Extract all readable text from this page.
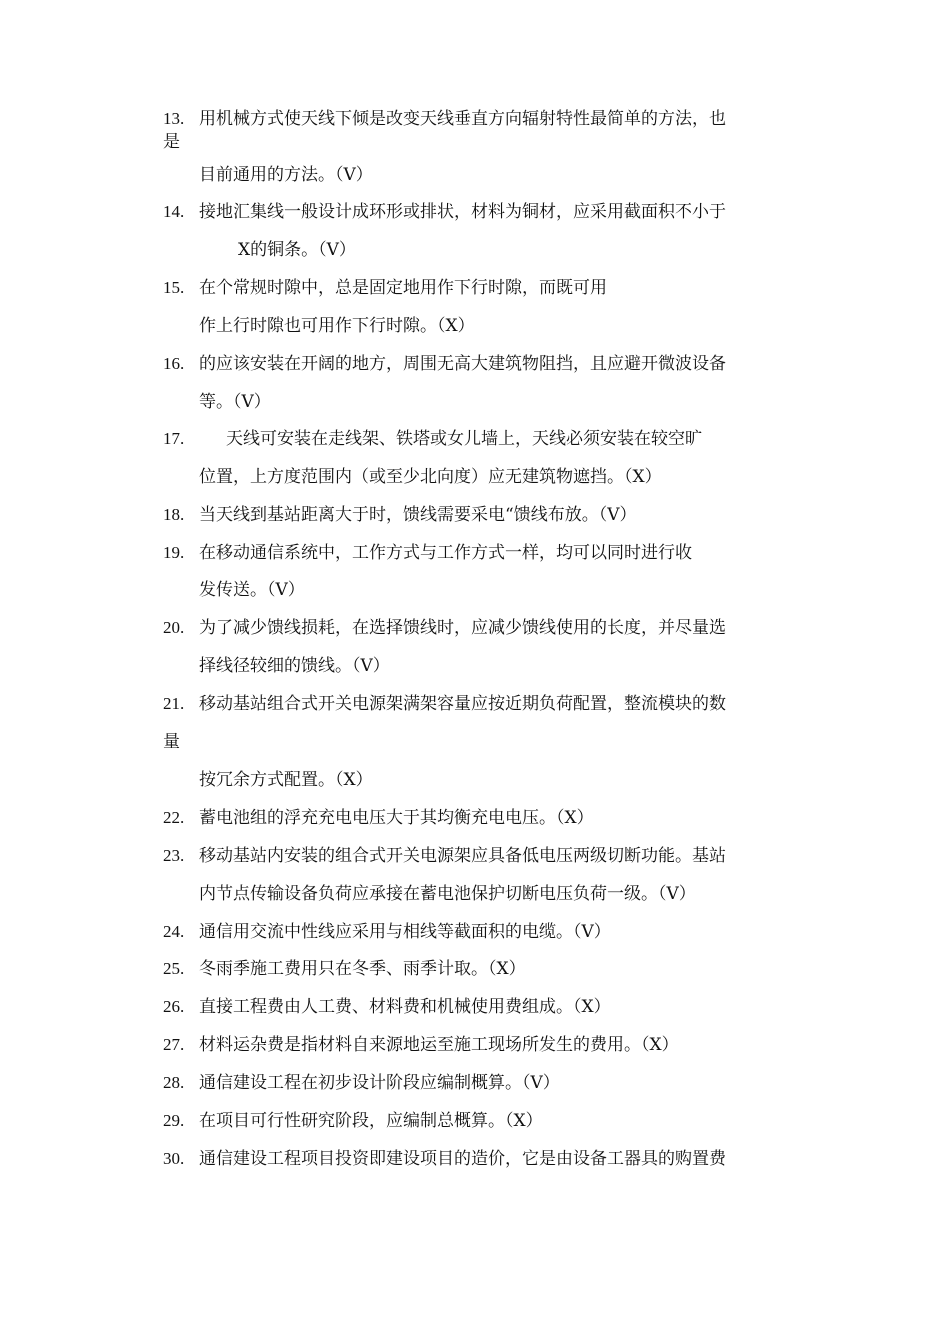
13. 用机械方式使天线下倾是改变天线垂直方向辐射特性最简单的方法，也
是
目前通用的方法。（V）
14. 接地汇集线一般设计成环形或排状，材料为铜材，应采用截面积不小于
X的铜条。（V）
15. 在个常规时隙中，总是固定地用作下行时隙，而既可用
作上行时隙也可用作下行时隙。（X）
16. 的应该安装在开阔的地方，周围无高大建筑物阻挡，且应避开微波设备
等。（V）
17. 天线可安装在走线架、铁塔或女儿墙上，天线必须安装在较空旷
位置，上方度范围内（或至少北向度）应无建筑物遮挡。（X）
18. 当天线到基站距离大于时，馈线需要采电“馈线布放。（V）
19. 在移动通信系统中，工作方式与工作方式一样，均可以同时进行收
发传送。（V）
20. 为了减少馈线损耗，在选择馈线时，应减少馈线使用的长度，并尽量选
择线径较细的馈线。（V）
21. 移动基站组合式开关电源架满架容量应按近期负荷配置，整流模块的数
量
按冗余方式配置。（X）
22. 蓄电池组的浮充充电电压大于其均衡充电电压。（X）
23. 移动基站内安装的组合式开关电源架应具备低电压两级切断功能。基站
内节点传输设备负荷应承接在蓄电池保护切断电压负荷一级。（V）
24. 通信用交流中性线应采用与相线等截面积的电缆。（V）
25. 冬雨季施工费用只在冬季、雨季计取。（X）
26. 直接工程费由人工费、材料费和机械使用费组成。（X）
27. 材料运杂费是指材料自来源地运至施工现场所发生的费用。（X）
28. 通信建设工程在初步设计阶段应编制概算。（V）
29. 在项目可行性研究阶段，应编制总概算。（X）
30. 通信建设工程项目投资即建设项目的造价，它是由设备工器具的购置费
